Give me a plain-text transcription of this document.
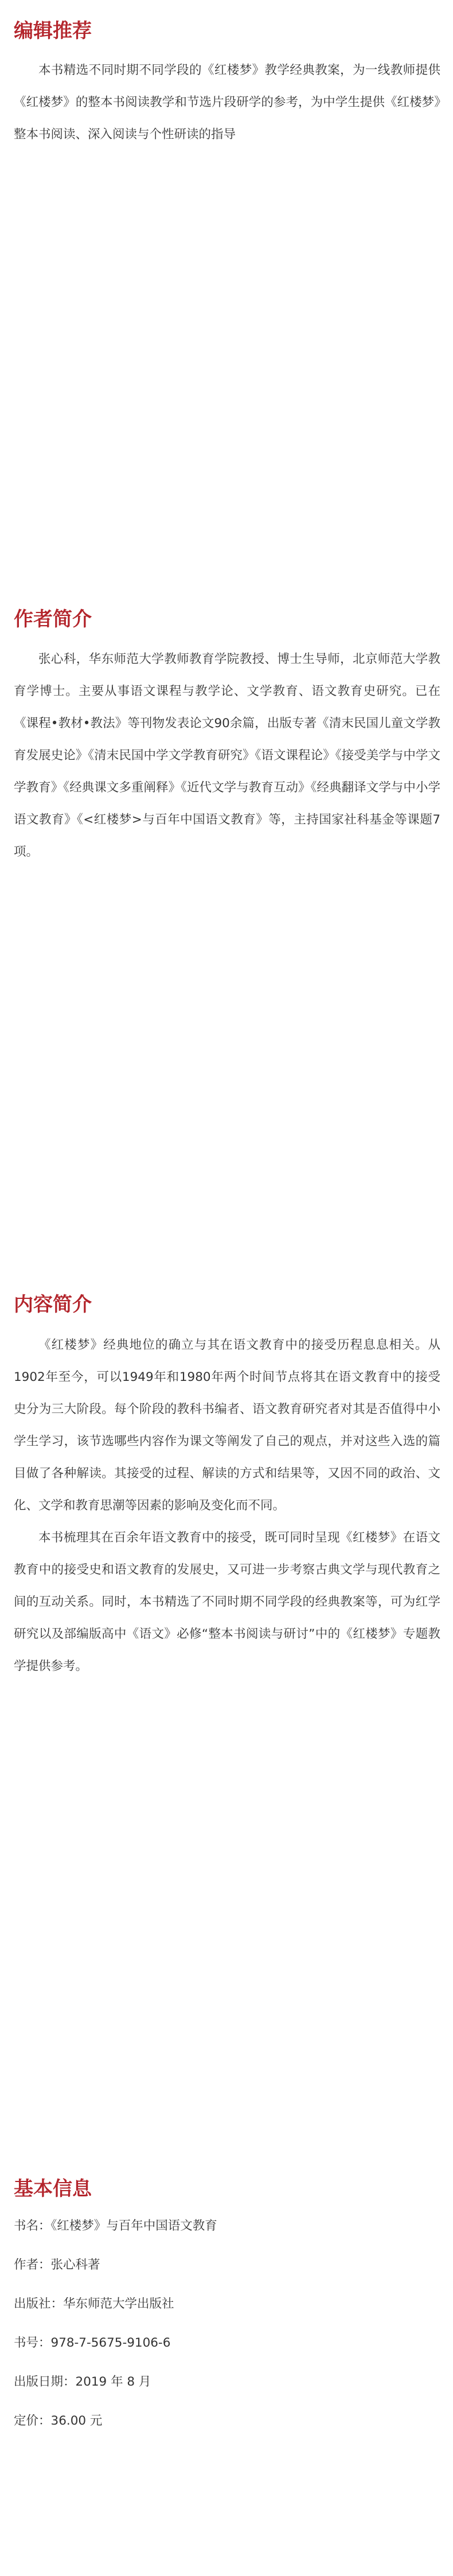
编辑推荐

本书精选不同时期不同学段的《红楼梦》教学经典教案，为一线教师提供《红楼梦》的整本书阅读教学和节选片段研学的参考，为中学生提供《红楼梦》整本书阅读、深入阅读与个性研读的指导

作者简介

张心科，华东师范大学教师教育学院教授、博士生导师，北京师范大学教育学博士。主要从事语文课程与教学论、文学教育、语文教育史研究。已在《课程•教材•教法》等刊物发表论文90余篇，出版专著《清末民国儿童文学教育发展史论》《清末民国中学文学教育研究》《语文课程论》《接受美学与中学文学教育》《经典课文多重阐释》《近代文学与教育互动》《经典翻译文学与中小学语文教育》《<红楼梦>与百年中国语文教育》等，主持国家社科基金等课题7项。

内容简介

《红楼梦》经典地位的确立与其在语文教育中的接受历程息息相关。从1902年至今，可以1949年和1980年两个时间节点将其在语文教育中的接受史分为三大阶段。每个阶段的教科书编者、语文教育研究者对其是否值得中小学生学习，该节选哪些内容作为课文等阐发了自己的观点，并对这些入选的篇目做了各种解读。其接受的过程、解读的方式和结果等，又因不同的政治、文化、文学和教育思潮等因素的影响及变化而不同。

本书梳理其在百余年语文教育中的接受，既可同时呈现《红楼梦》在语文教育中的接受史和语文教育的发展史，又可进一步考察古典文学与现代教育之间的互动关系。同时，本书精选了不同时期不同学段的经典教案等，可为红学研究以及部编版高中《语文》必修“整本书阅读与研讨”中的《红楼梦》专题教学提供参考。

基本信息

书名：《红楼梦》与百年中国语文教育

作者：张心科著

出版社：华东师范大学出版社

书号：978-7-5675-9106-6

出版日期：2019 年 8 月

定价：36.00 元
